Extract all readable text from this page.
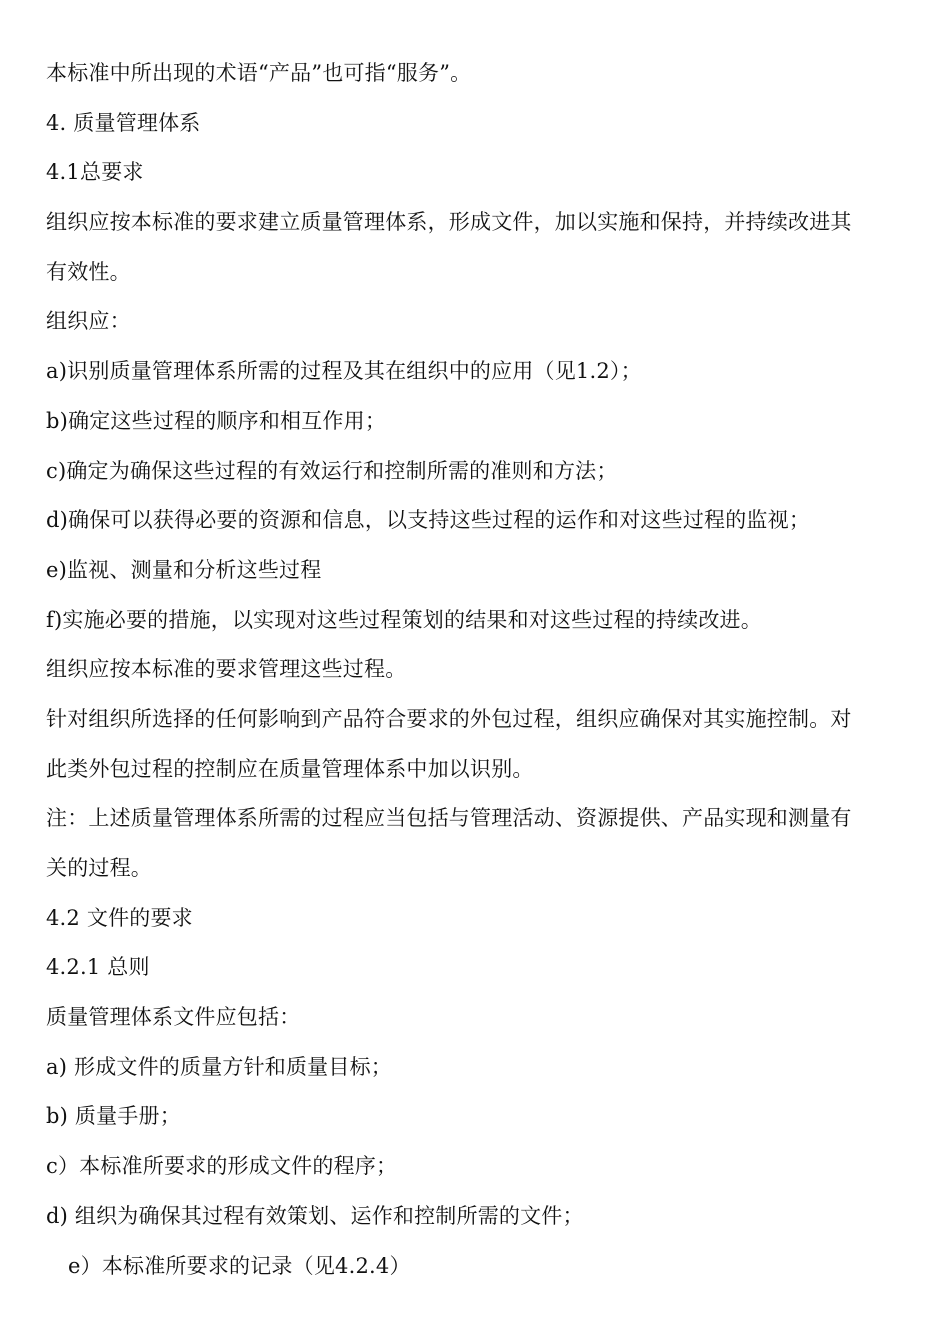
本标准中所出现的术语“产品”也可指“服务”。
4. 质量管理体系
4.1总要求
组织应按本标准的要求建立质量管理体系，形成文件，加以实施和保持，并持续改进其
有效性。
组织应：
a)识别质量管理体系所需的过程及其在组织中的应用（见1.2）；
b)确定这些过程的顺序和相互作用；
c)确定为确保这些过程的有效运行和控制所需的准则和方法；
d)确保可以获得必要的资源和信息，以支持这些过程的运作和对这些过程的监视；
e)监视、测量和分析这些过程
f)实施必要的措施，以实现对这些过程策划的结果和对这些过程的持续改进。
组织应按本标准的要求管理这些过程。
针对组织所选择的任何影响到产品符合要求的外包过程，组织应确保对其实施控制。对
此类外包过程的控制应在质量管理体系中加以识别。
注：上述质量管理体系所需的过程应当包括与管理活动、资源提供、产品实现和测量有
关的过程。
4.2 文件的要求
4.2.1 总则
质量管理体系文件应包括：
a) 形成文件的质量方针和质量目标；
b) 质量手册；
c）本标准所要求的形成文件的程序；
d) 组织为确保其过程有效策划、运作和控制所需的文件；
e）本标准所要求的记录（见4.2.4）
